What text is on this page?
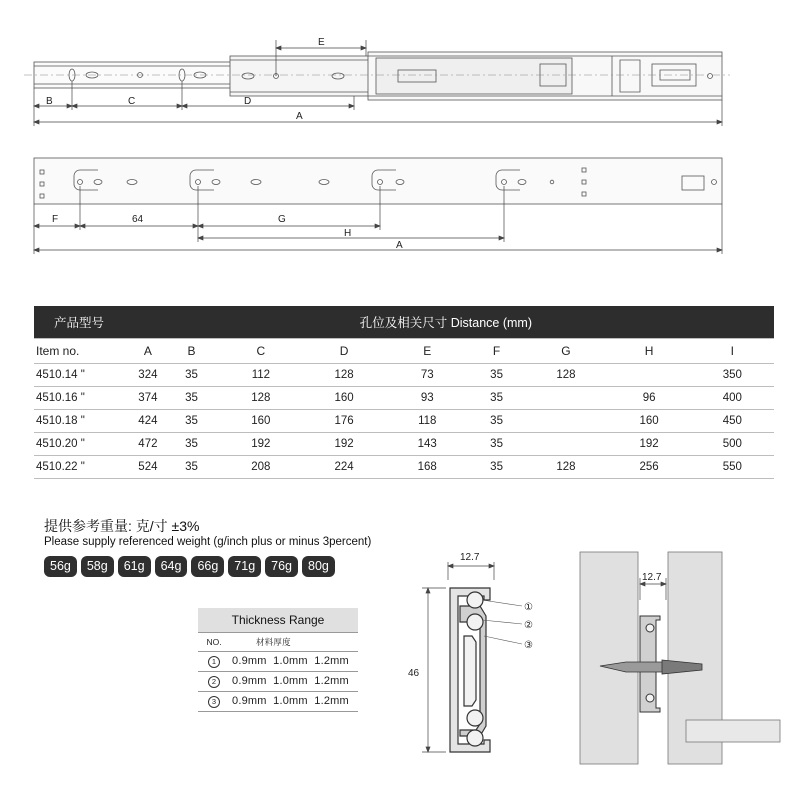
E
B	C	D
A
F	64	G
H
A
产品型号		孔位及相关尺寸 Distance (mm)							
Item no.	A	B	C	D	E	F	G	H	I
4510.14 "	324	35	112	128	73	35	128		350
4510.16 "	374	35	128	160	93	35		96	400
4510.18 "	424	35	160	176	118	35		160	450
4510.20 "	472	35	192	192	143	35		192	500
4510.22 "	524	35	208	224	168	35	128	256	550
提供参考重量: 克/寸 ±3%
Please supply referenced weight (g/inch plus or minus 3percent)
56g	58g	61g	64g	66g	71g	76g	80g
Thickness Range
NO.	材料厚度
1	0.9mm  1.0mm  1.2mm
2	0.9mm  1.0mm  1.2mm
3	0.9mm  1.0mm  1.2mm
12.7
46
①
②
③
12.7
